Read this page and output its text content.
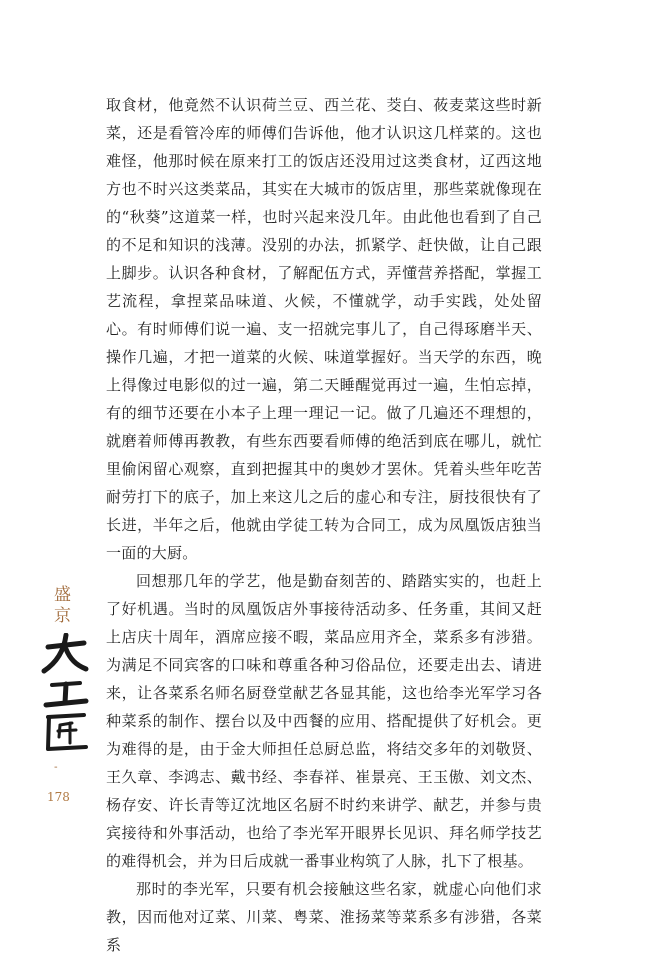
取食材，他竟然不认识荷兰豆、西兰花、茭白、莜麦菜这些时新菜，还是看管冷库的师傅们告诉他，他才认识这几样菜的。这也难怪，他那时候在原来打工的饭店还没用过这类食材，辽西这地方也不时兴这类菜品，其实在大城市的饭店里，那些菜就像现在的“秋葵”这道菜一样，也时兴起来没几年。由此他也看到了自己的不足和知识的浅薄。没别的办法，抓紧学、赶快做，让自己跟上脚步。认识各种食材，了解配伍方式，弄懂营养搭配，掌握工艺流程，拿捏菜品味道、火候，不懂就学，动手实践，处处留心。有时师傅们说一遍、支一招就完事儿了，自己得琢磨半天、操作几遍，才把一道菜的火候、味道掌握好。当天学的东西，晚上得像过电影似的过一遍，第二天睡醒觉再过一遍，生怕忘掉，有的细节还要在小本子上理一理记一记。做了几遍还不理想的，就磨着师傅再教教，有些东西要看师傅的绝活到底在哪儿，就忙里偷闲留心观察，直到把握其中的奥妙才罢休。凭着头些年吃苦耐劳打下的底子，加上来这儿之后的虚心和专注，厨技很快有了长进，半年之后，他就由学徒工转为合同工，成为凤凰饭店独当一面的大厨。

回想那几年的学艺，他是勤奋刻苦的、踏踏实实的，也赶上了好机遇。当时的凤凰饭店外事接待活动多、任务重，其间又赶上店庆十周年，酒席应接不暇，菜品应用齐全，菜系多有涉猎。为满足不同宾客的口味和尊重各种习俗品位，还要走出去、请进来，让各菜系名师名厨登堂献艺各显其能，这也给李光军学习各种菜系的制作、摆台以及中西餐的应用、搭配提供了好机会。更为难得的是，由于金大师担任总厨总监，将结交多年的刘敬贤、王久章、李鸿志、戴书经、李春祥、崔景亮、王玉傲、刘文杰、杨存安、许长青等辽沈地区名厨不时约来讲学、献艺，并参与贵宾接待和外事活动，也给了李光军开眼界长见识、拜名师学技艺的难得机会，并为日后成就一番事业构筑了人脉，扎下了根基。

那时的李光军，只要有机会接触这些名家，就虚心向他们求教，因而他对辽菜、川菜、粤菜、淮扬菜等菜系多有涉猎，各菜系

盛京
-
178
